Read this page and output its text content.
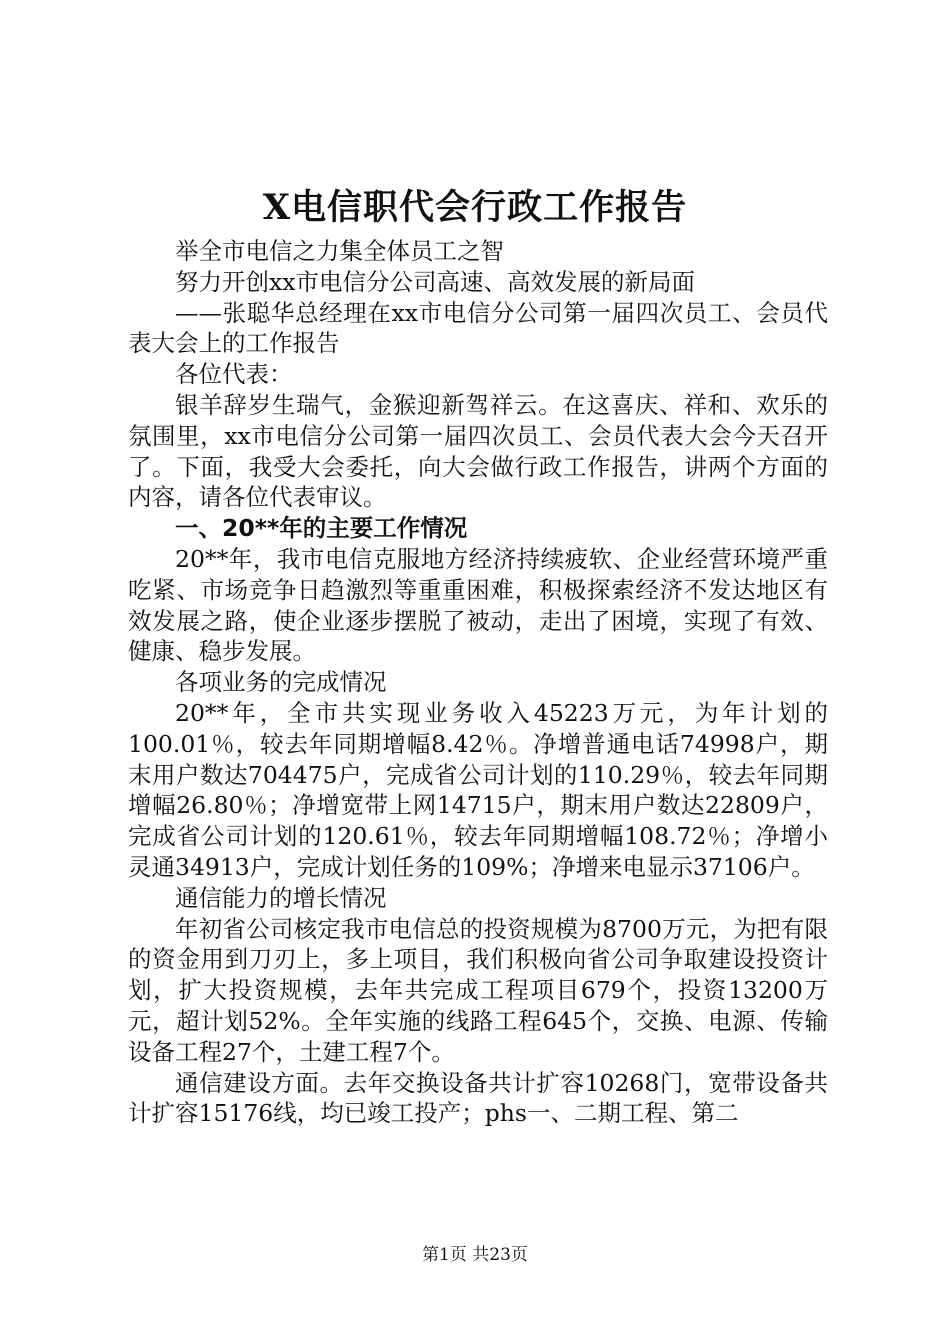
X电信职代会行政工作报告

举全市电信之力集全体员工之智

努力开创xx市电信分公司高速、高效发展的新局面

——张聪华总经理在xx市电信分公司第一届四次员工、会员代表大会上的工作报告

各位代表：

银羊辞岁生瑞气，金猴迎新驾祥云。在这喜庆、祥和、欢乐的氛围里，xx市电信分公司第一届四次员工、会员代表大会今天召开了。下面，我受大会委托，向大会做行政工作报告，讲两个方面的内容，请各位代表审议。

一、20**年的主要工作情况

20**年，我市电信克服地方经济持续疲软、企业经营环境严重吃紧、市场竞争日趋激烈等重重困难，积极探索经济不发达地区有效发展之路，使企业逐步摆脱了被动，走出了困境，实现了有效、健康、稳步发展。

各项业务的完成情况

20**年，全市共实现业务收入45223万元，为年计划的100.01％，较去年同期增幅8.42％。净增普通电话74998户，期末用户数达704475户，完成省公司计划的110.29％，较去年同期增幅26.80％；净增宽带上网14715户，期末用户数达22809户，完成省公司计划的120.61％，较去年同期增幅108.72％；净增小灵通34913户，完成计划任务的109%；净增来电显示37106户。

通信能力的增长情况

年初省公司核定我市电信总的投资规模为8700万元，为把有限的资金用到刀刃上，多上项目，我们积极向省公司争取建设投资计划，扩大投资规模，去年共完成工程项目679个，投资13200万元，超计划52%。全年实施的线路工程645个，交换、电源、传输设备工程27个，土建工程7个。

通信建设方面。去年交换设备共计扩容10268门，宽带设备共计扩容15176线，均已竣工投产；phs一、二期工程、第二

第1页 共23页
